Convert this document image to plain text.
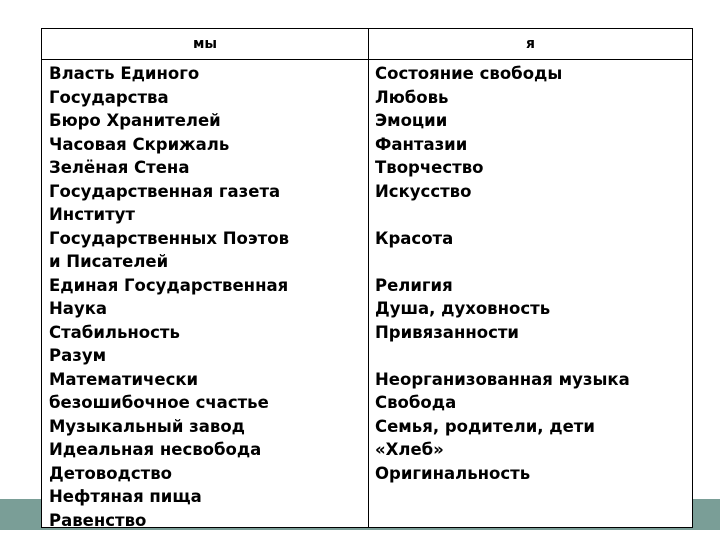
мы	я
Власть Единого
Государства
Бюро Хранителей
Часовая Скрижаль
Зелёная Стена
Государственная газета
Институт
Государственных Поэтов
и Писателей
Единая Государственная
Наука
Стабильность
Разум
Математически
безошибочное счастье
Музыкальный завод
Идеальная несвобода
Детоводство
Нефтяная пища
Равенство
Состояние свободы
Любовь
Эмоции
Фантазии
Творчество
Искусство
Красота
Религия
Душа, духовность
Привязанности
Неорганизованная музыка
Свобода
Семья, родители, дети
«Хлеб»
Оригинальность
